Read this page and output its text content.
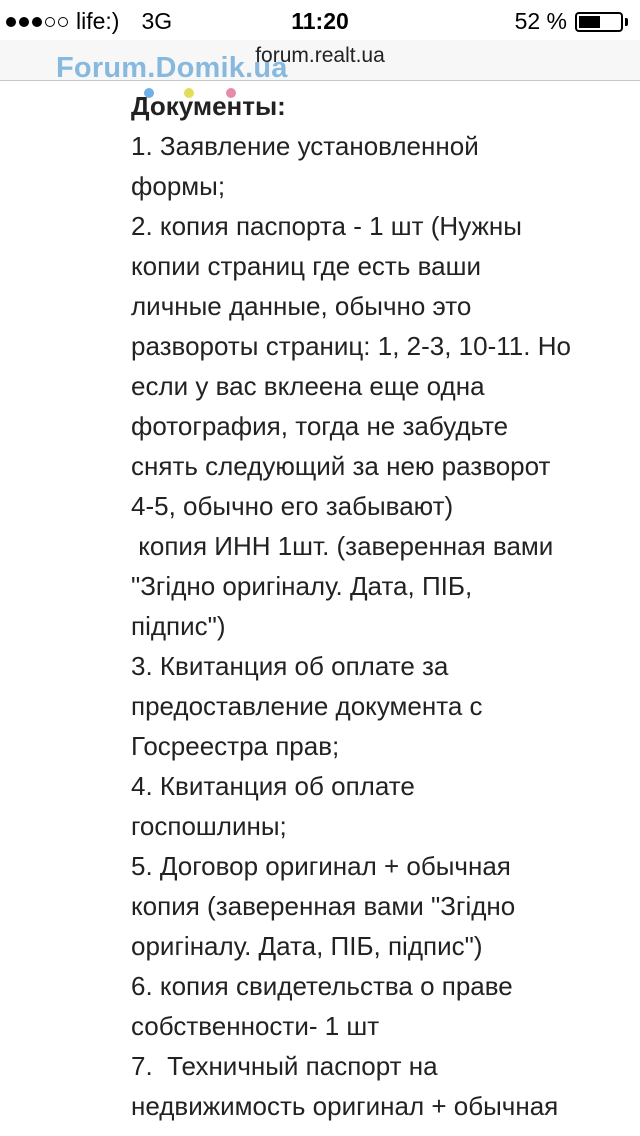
life:) 3G	11:20	52 %
forum.realt.ua
Forum.Domik.ua
Документы:
1. Заявление установленной
формы;
2. копия паспорта - 1 шт (Нужны
копии страниц где есть ваши
личные данные, обычно это
развороты страниц: 1, 2-3, 10-11. Но
если у вас вклеена еще одна
фотография, тогда не забудьте
снять следующий за нею разворот
4-5, обычно его забывают)
копия ИНН 1шт. (заверенная вами
"Згідно оригіналу. Дата, ПІБ,
підпис")
3. Квитанция об оплате за
предоставление документа с
Госреестра прав;
4. Квитанция об оплате
госпошлины;
5. Договор оригинал + обычная
копия (заверенная вами "Згідно
оригіналу. Дата, ПІБ, підпис")
6. копия свидетельства о праве
собственности- 1 шт
7.  Техничный паспорт на
недвижимость оригинал + обычная
